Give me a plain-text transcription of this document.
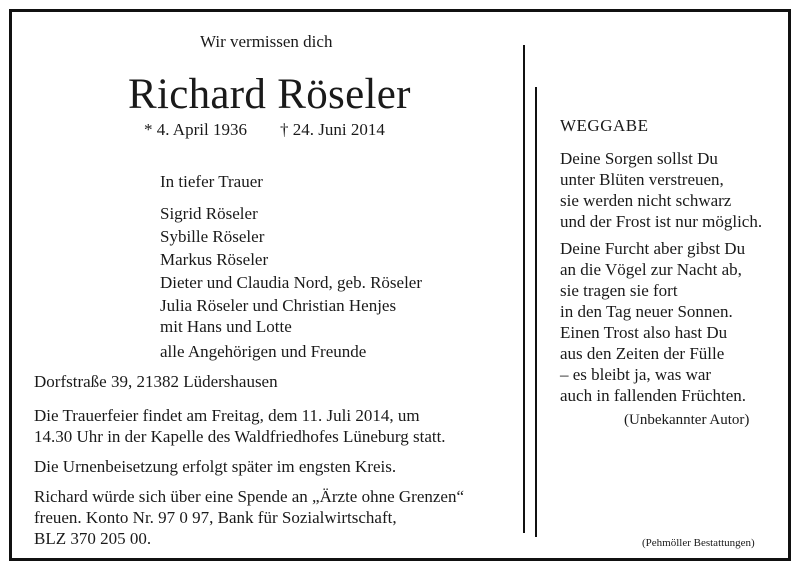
Wir vermissen dich
Richard Röseler
* 4. April 1936 † 24. Juni 2014
In tiefer Trauer
Sigrid Röseler
Sybille Röseler
Markus Röseler
Dieter und Claudia Nord, geb. Röseler
Julia Röseler und Christian Henjes
mit Hans und Lotte
alle Angehörigen und Freunde
Dorfstraße 39, 21382 Lüdershausen
Die Trauerfeier findet am Freitag, dem 11. Juli 2014, um
14.30 Uhr in der Kapelle des Waldfriedhofes Lüneburg statt.
Die Urnenbeisetzung erfolgt später im engsten Kreis.
Richard würde sich über eine Spende an „Ärzte ohne Grenzen“
freuen. Konto Nr. 97 0 97, Bank für Sozialwirtschaft,
BLZ 370 205 00.
WEGGABE
Deine Sorgen sollst Du
unter Blüten verstreuen,
sie werden nicht schwarz
und der Frost ist nur möglich.
Deine Furcht aber gibst Du
an die Vögel zur Nacht ab,
sie tragen sie fort
in den Tag neuer Sonnen.
Einen Trost also hast Du
aus den Zeiten der Fülle
– es bleibt ja, was war
auch in fallenden Früchten.
(Unbekannter Autor)
(Pehmöller Bestattungen)
